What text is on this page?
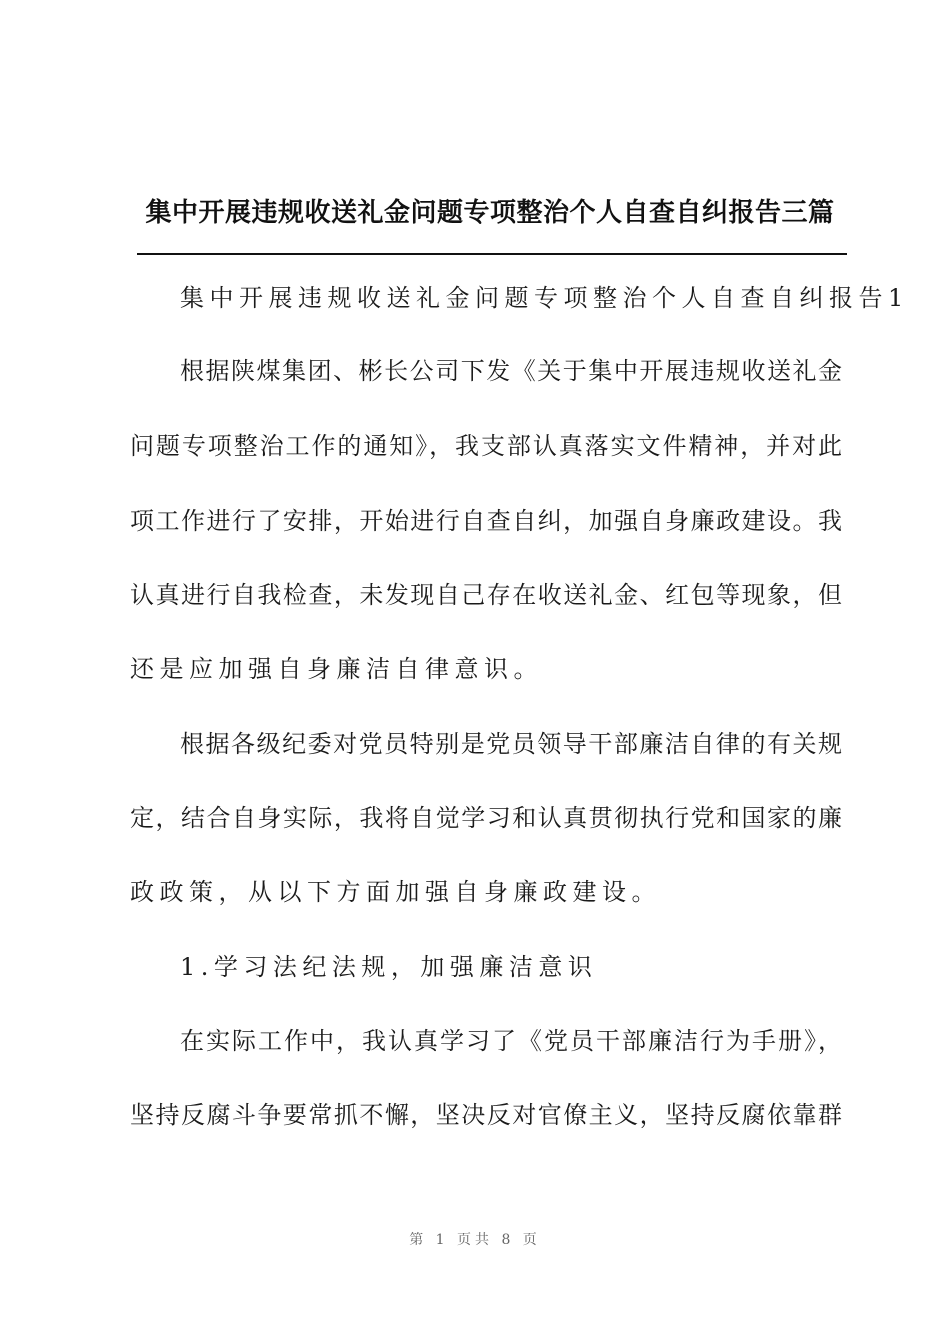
集中开展违规收送礼金问题专项整治个人自查自纠报告三篇
集中开展违规收送礼金问题专项整治个人自查自纠报告1
根据陕煤集团、彬长公司下发《关于集中开展违规收送礼金
问题专项整治工作的通知》，我支部认真落实文件精神，并对此
项工作进行了安排，开始进行自查自纠，加强自身廉政建设。我
认真进行自我检查，未发现自己存在收送礼金、红包等现象，但
还是应加强自身廉洁自律意识。
根据各级纪委对党员特别是党员领导干部廉洁自律的有关规
定，结合自身实际，我将自觉学习和认真贯彻执行党和国家的廉
政政策，从以下方面加强自身廉政建设。
1.学习法纪法规，加强廉洁意识
在实际工作中，我认真学习了《党员干部廉洁行为手册》，
坚持反腐斗争要常抓不懈，坚决反对官僚主义，坚持反腐依靠群
第 1 页共 8 页
